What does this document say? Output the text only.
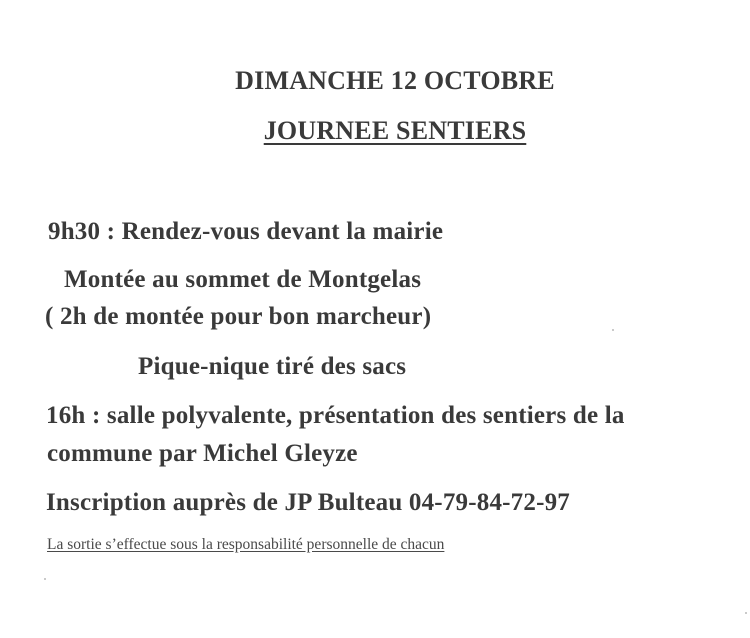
DIMANCHE 12 OCTOBRE
JOURNEE SENTIERS
9h30 : Rendez-vous devant la mairie
Montée au sommet de Montgelas
( 2h de montée pour bon marcheur)
Pique-nique tiré des sacs
16h : salle polyvalente, présentation des sentiers de la
commune par Michel Gleyze
Inscription auprès de JP Bulteau 04-79-84-72-97
La sortie s’effectue sous la responsabilité personnelle de chacun
